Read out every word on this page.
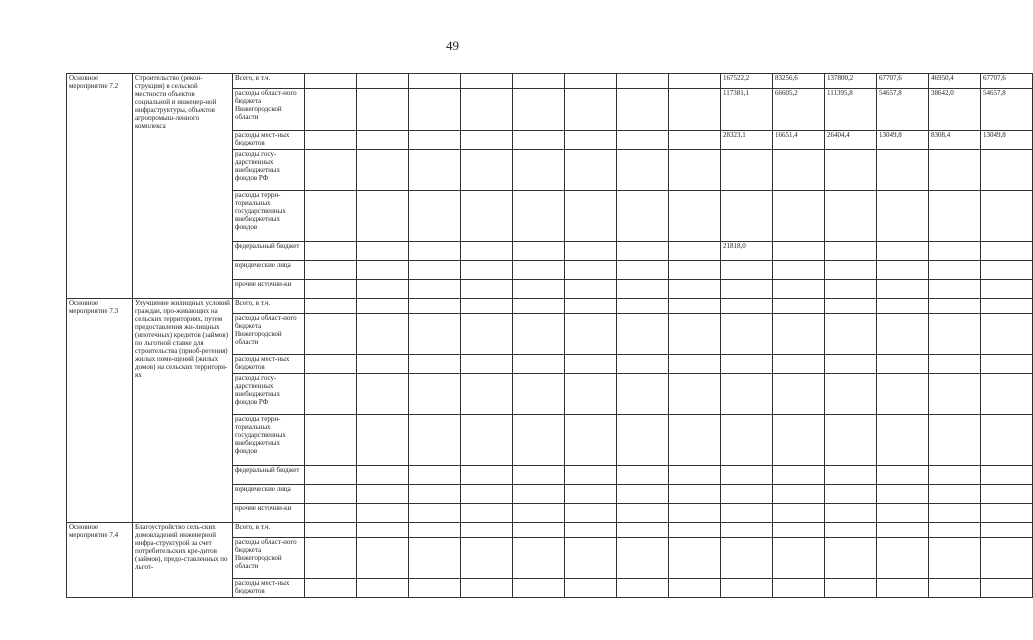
49
Основное мероприятие 7.2	Строительство (рекон-струкция) в сельской местности объектов социальной и инженер-ной инфраструктуры, объектов агропромыш-ленного комплекса	Всего, в т.ч.									167522,2	83256,6	137800,2	67707,6	46950,4	67707,6
		расходы област-ного бюджета Нижегородской области									117381,1	66605,2	111395,8	54657,8	38642,0	54657,8
		расходы мест-ных бюджетов									28323,1	16651,4	26404,4	13049,8	8308,4	13049,8
		расходы госу-дарственных внебюджетных фондов РФ														
		расходы терри-ториальных государственных внебюджетных фондов														
		федеральный бюджет									21818,0					
		юридические лица														
		прочие источни-ки														
Основное мероприятие 7.3	Улучшение жилищных условий граждан, про-живающих на сельских территориях, путем предоставления жи-лищных (ипотечных) кредитов (займов) по льготной ставке для строительства (приоб-ретения) жилых поме-щений (жилых домов) на сельских территори-ях	Всего, в т.ч.														
		расходы област-ного бюджета Нижегородской области														
		расходы мест-ных бюджетов														
		расходы госу-дарственных внебюджетных фондов РФ														
		расходы терри-ториальных государственных внебюджетных фондов														
		федеральный бюджет														
		юридические лица														
		прочие источни-ки														
Основное мероприятие 7.4	Благоустройство сель-ских домовладений инженерной инфра-структурой за счет потребительских кре-дитов (займов), предо-ставленных по льгот-	Всего, в т.ч.														
		расходы област-ного бюджета Нижегородской области														
		расходы мест-ных бюджетов														
